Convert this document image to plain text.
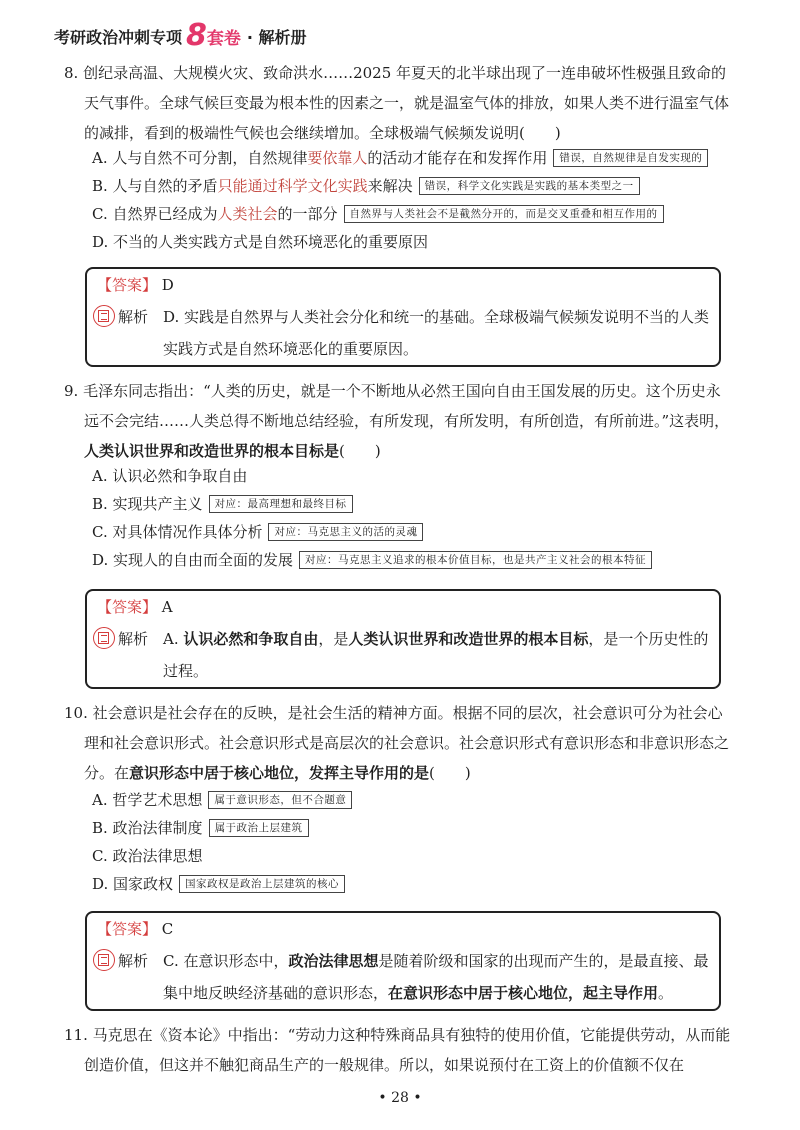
考研政治冲刺专项 8 套卷 · 解析册
8. 创纪录高温、大规模火灾、致命洪水……2025 年夏天的北半球出现了一连串破坏性极强且致命的天气事件。全球气候巨变最为根本性的因素之一，就是温室气体的排放，如果人类不进行温室气体的减排，看到的极端性气候也会继续增加。全球极端气候频发说明(   )
A. 人与自然不可分割，自然规律要依靠人的活动才能存在和发挥作用 错误，自然规律是自发实现的
B. 人与自然的矛盾只能通过科学文化实践来解决 错误，科学文化实践是实践的基本类型之一
C. 自然界已经成为人类社会的一部分 自然界与人类社会不是截然分开的，而是交叉重叠和相互作用的
D. 不当的人类实践方式是自然环境恶化的重要原因
【答案】 D
解析 D. 实践是自然界与人类社会分化和统一的基础。全球极端气候频发说明不当的人类实践方式是自然环境恶化的重要原因。
9. 毛泽东同志指出：“人类的历史，就是一个不断地从必然王国向自由王国发展的历史。这个历史永远不会完结……人类总得不断地总结经验，有所发现，有所发明，有所创造，有所前进。”这表明，人类认识世界和改造世界的根本目标是(　　)
A. 认识必然和争取自由
B. 实现共产主义 对应：最高理想和最终目标
C. 对具体情况作具体分析 对应：马克思主义的活的灵魂
D. 实现人的自由而全面的发展 对应：马克思主义追求的根本价值目标，也是共产主义社会的根本特征
【答案】 A
解析 A. 认识必然和争取自由，是人类认识世界和改造世界的根本目标，是一个历史性的过程。
10. 社会意识是社会存在的反映，是社会生活的精神方面。根据不同的层次，社会意识可分为社会心理和社会意识形式。社会意识形式是高层次的社会意识。社会意识形式有意识形态和非意识形态之分。在意识形态中居于核心地位，发挥主导作用的是(　　)
A. 哲学艺术思想 属于意识形态，但不合题意
B. 政治法律制度 属于政治上层建筑
C. 政治法律思想
D. 国家政权 国家政权是政治上层建筑的核心
【答案】 C
解析 C. 在意识形态中，政治法律思想是随着阶级和国家的出现而产生的，是最直接、最集中地反映经济基础的意识形态，在意识形态中居于核心地位，起主导作用。
11. 马克思在《资本论》中指出：“劳动力这种特殊商品具有独特的使用价值，它能提供劳动，从而能创造价值，但这并不触犯商品生产的一般规律。所以，如果说预付在工资上的价值额不仅在
• 28 •
